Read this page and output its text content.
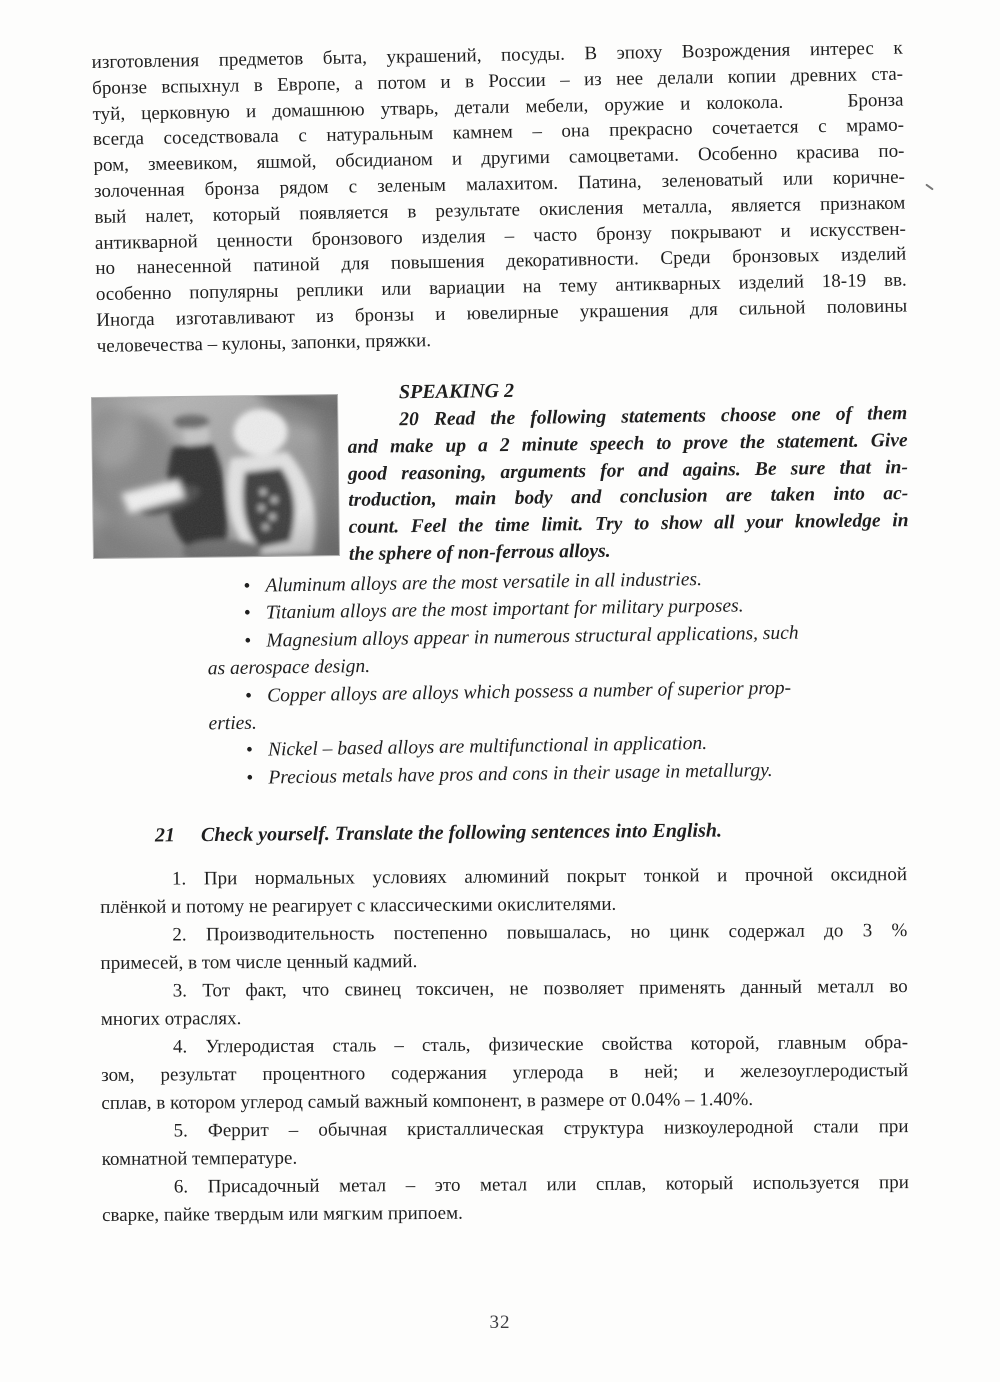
изготовления предметов быта, украшений, посуды. В эпоху Возрождения интерес к
бронзе вспыхнул в Европе, а потом и в России – из нее делали копии древних ста-
туй, церковную и домашнюю утварь, детали мебели, оружие и колокола.    Бронза
всегда соседствовала с натуральным камнем – она прекрасно сочетается с мрамо-
ром, змеевиком, яшмой, обсидианом и другими самоцветами. Особенно красива по-
золоченная бронза рядом с зеленым малахитом. Патина, зеленоватый или коричне-
вый налет, который появляется в результате окисления металла, является признаком
антикварной ценности бронзового изделия – часто бронзу покрывают и искусствен-
но нанесенной патиной для повышения декоративности. Среди бронзовых изделий
особенно популярны реплики или вариации на тему антикварных изделий 18-19 вв.
Иногда изготавливают из бронзы и ювелирные украшения для сильной половины
человечества – кулоны, запонки, пряжки.
SPEAKING 2
20 Read the following statements choose one of them
and make up a 2 minute speech to prove the statement. Give
good reasoning, arguments for and agains. Be sure that in-
troduction, main body and conclusion are taken into ac-
count. Feel the time limit. Try to show all your knowledge in
the sphere of non-ferrous alloys.
• Aluminum alloys are the most versatile in all industries.
• Titanium alloys are the most important for military purposes.
• Magnesium alloys appear in numerous structural applications, such
as aerospace design.
• Copper alloys are alloys which possess a number of superior prop-
erties.
• Nickel – based alloys are multifunctional in application.
• Precious metals have pros and cons in their usage in metallurgy.
21 Check yourself. Translate the following sentences into English.
1. При нормальных условиях алюминий покрыт тонкой и прочной оксидной
плёнкой и потому не реагирует с классическими окислителями.
2. Производительность постепенно повышалась, но цинк содержал до 3 %
примесей, в том числе ценный кадмий.
3. Тот факт, что свинец токсичен, не позволяет применять данный металл во
многих отраслях.
4. Углеродистая сталь – сталь, физические свойства которой, главным обра-
зом, результат процентного содержания углерода в ней; и железоуглеродистый
сплав, в котором углерод самый важный компонент, в размере от 0.04% – 1.40%.
5. Феррит – обычная кристаллическая структура низкоулеродной стали при
комнатной температуре.
6. Присадочный метал – это метал или сплав, который используется при
сварке, пайке твердым или мягким припоем.
32
